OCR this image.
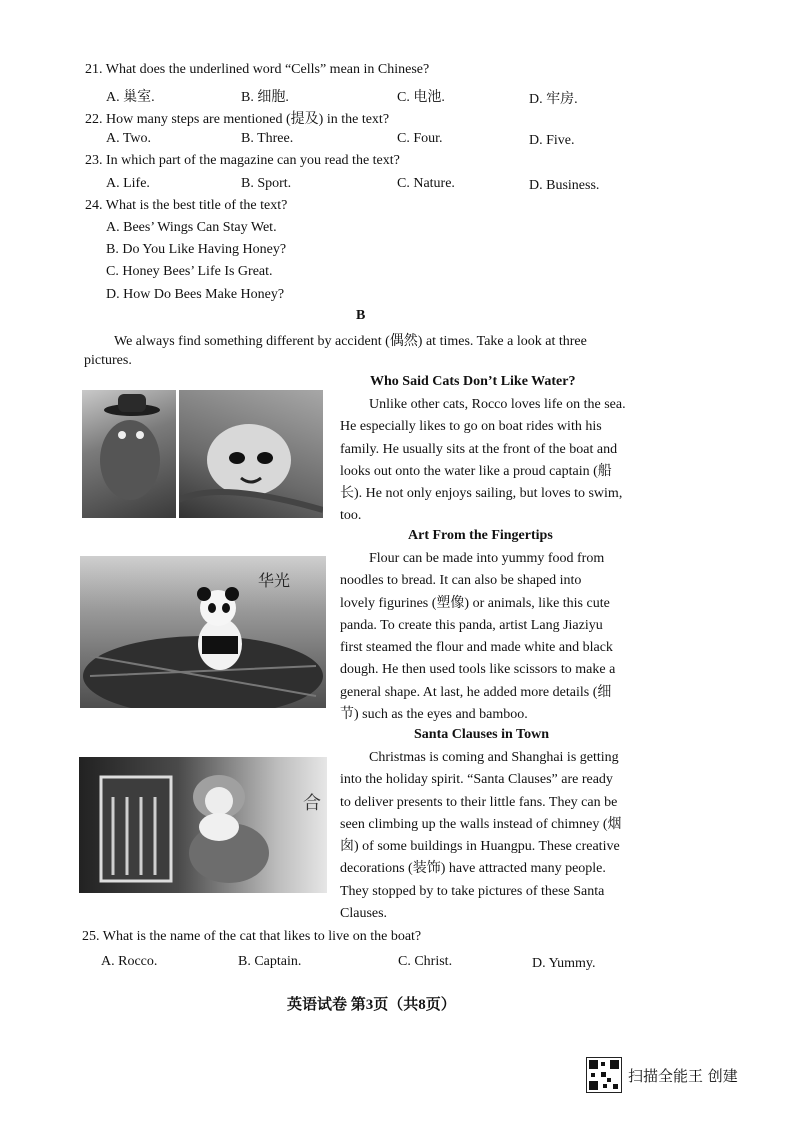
21. What does the underlined word “Cells” mean in Chinese?
A. 巢室.	B. 细胞.	C. 电池.	D. 牢房.
22. How many steps are mentioned (提及) in the text?
A. Two.	B. Three.	C. Four.	D. Five.
23. In which part of the magazine can you read the text?
A. Life.	B. Sport.	C. Nature.	D. Business.
24. What is the best title of the text?
A. Bees’ Wings Can Stay Wet.
B. Do You Like Having Honey?
C. Honey Bees’ Life Is Great.
D. How Do Bees Make Honey?
B
We always find something different by accident (偶然) at times. Take a look at three
pictures.
Who Said Cats Don’t Like Water?
Unlike other cats, Rocco loves life on the sea.
He especially likes to go on boat rides with his
family. He usually sits at the front of the boat and
looks out onto the water like a proud captain (船
长). He not only enjoys sailing, but loves to swim,
too.
华光
Art From the Fingertips
Flour can be made into yummy food from
noodles to bread. It can also be shaped into
lovely figurines (塑像) or animals, like this cute
panda. To create this panda, artist Lang Jiaziyu
first steamed the flour and made white and black
dough. He then used tools like scissors to make a
general shape. At last, he added more details (细
节) such as the eyes and bamboo.
合
Santa Clauses in Town
Christmas is coming and Shanghai is getting
into the holiday spirit. “Santa Clauses” are ready
to deliver presents to their little fans. They can be
seen climbing up the walls instead of chimney (烟
囱) of some buildings in Huangpu. These creative
decorations (装饰) have attracted many people.
They stopped by to take pictures of these Santa
Clauses.
25. What is the name of the cat that likes to live on the boat?
A. Rocco.	B. Captain.	C. Christ.	D. Yummy.
英语试卷 第3页（共8页）
扫描全能王 创建
